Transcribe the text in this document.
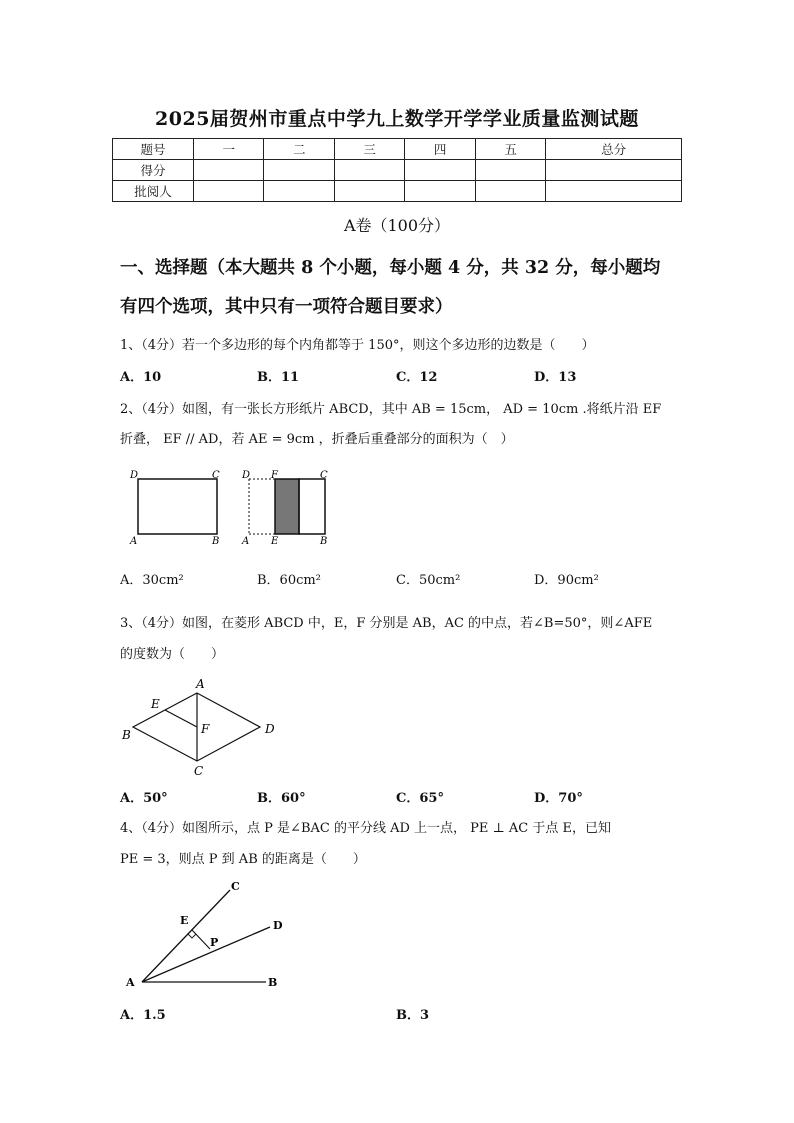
2025届贺州市重点中学九上数学开学学业质量监测试题
题号	一	二	三	四	五	总分
得分						
批阅人						
A卷（100分）
一、选择题（本大题共 8 个小题，每小题 4 分，共 32 分，每小题均
有四个选项，其中只有一项符合题目要求）
1、（4分）若一个多边形的每个内角都等于 150°，则这个多边形的边数是（　　）
A．10	B．11	C．12	D．13
2、（4分）如图，有一张长方形纸片 ABCD，其中 AB = 15cm， AD = 10cm .将纸片沿 EF
折叠， EF // AD，若 AE = 9cm ，折叠后重叠部分的面积为（　）
D	C
A	B
D F	C
A E	B
A．30cm²	B．60cm²	C．50cm²	D．90cm²
3、（4分）如图，在菱形 ABCD 中，E，F 分别是 AB，AC 的中点，若∠B=50°，则∠AFE
的度数为（　　）
A
E
F
B	D
C
A．50°	B．60°	C．65°	D．70°
4、（4分）如图所示，点 P 是∠BAC 的平分线 AD 上一点， PE ⊥ AC 于点 E，已知
PE = 3，则点 P 到 AB 的距离是（　　）
C
E	D
P
A	B
A．1.5	B．3
